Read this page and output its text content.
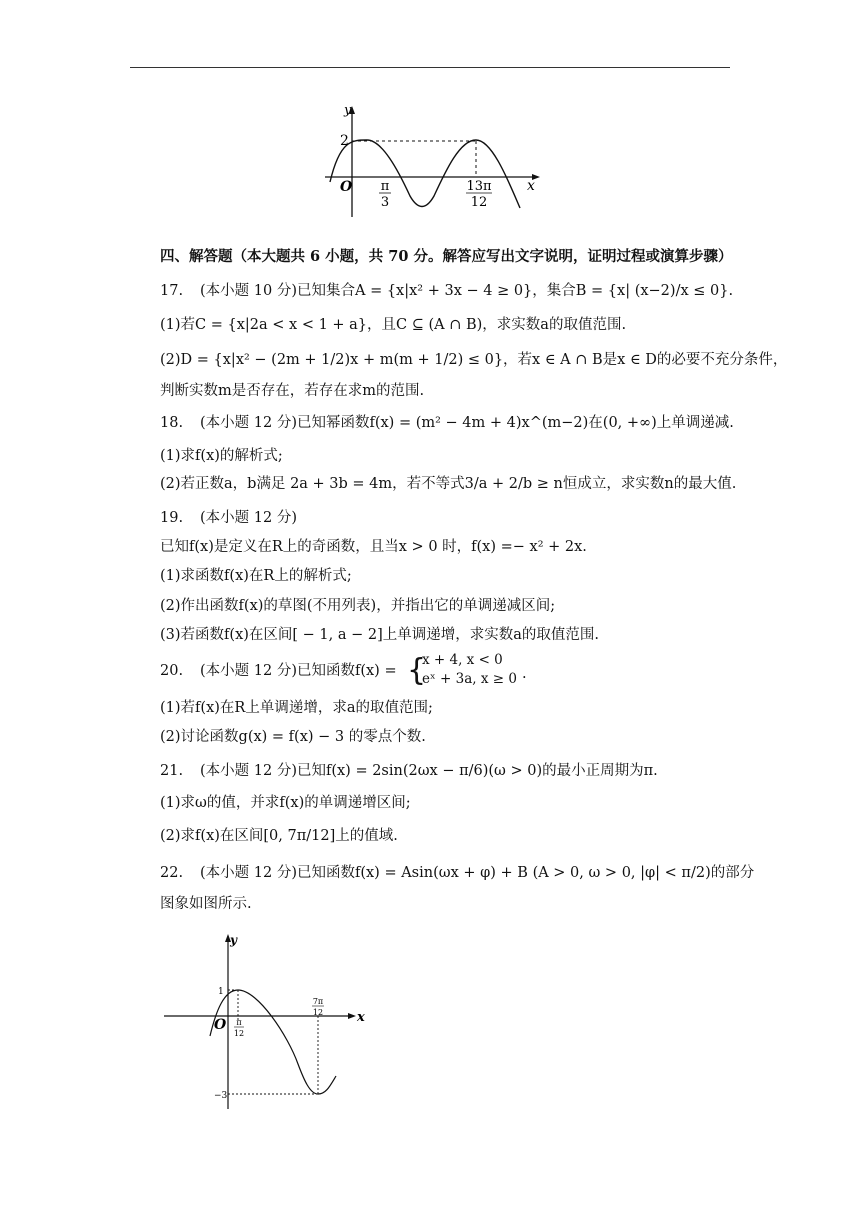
y
x
O
2
π
3
13π
12
四、解答题（本大题共 6 小题，共 70 分。解答应写出文字说明，证明过程或演算步骤）
17. (本小题 10 分)已知集合A = {x|x² + 3x − 4 ≥ 0}，集合B = {x| (x−2)/x ≤ 0}.
(1)若C = {x|2a < x < 1 + a}，且C ⊆ (A ∩ B)，求实数a的取值范围.
(2)D = {x|x² − (2m + 1/2)x + m(m + 1/2) ≤ 0}，若x ∈ A ∩ B是x ∈ D的必要不充分条件，
判断实数m是否存在，若存在求m的范围.
18. (本小题 12 分)已知幂函数f(x) = (m² − 4m + 4)x^(m−2)在(0, +∞)上单调递减.
(1)求f(x)的解析式;
(2)若正数a，b满足 2a + 3b = 4m，若不等式3/a + 2/b ≥ n恒成立，求实数n的最大值.
19. (本小题 12 分)
已知f(x)是定义在R上的奇函数，且当x > 0 时，f(x) =− x² + 2x.
(1)求函数f(x)在R上的解析式;
(2)作出函数f(x)的草图(不用列表)，并指出它的单调递减区间;
(3)若函数f(x)在区间[ − 1, a − 2]上单调递增，求实数a的取值范围.
20. (本小题 12 分)已知函数f(x) = {
x + 4, x < 0
eˣ + 3a, x ≥ 0 .
(1)若f(x)在R上单调递增，求a的取值范围;
(2)讨论函数g(x) = f(x) − 3 的零点个数.
21. (本小题 12 分)已知f(x) = 2sin(2ωx − π/6)(ω > 0)的最小正周期为π.
(1)求ω的值，并求f(x)的单调递增区间;
(2)求f(x)在区间[0, 7π/12]上的值域.
22. (本小题 12 分)已知函数f(x) = Asin(ωx + φ) + B (A > 0, ω > 0, |φ| < π/2)的部分
图象如图所示.
y
x
O
1
−3
π
12
7π
12
